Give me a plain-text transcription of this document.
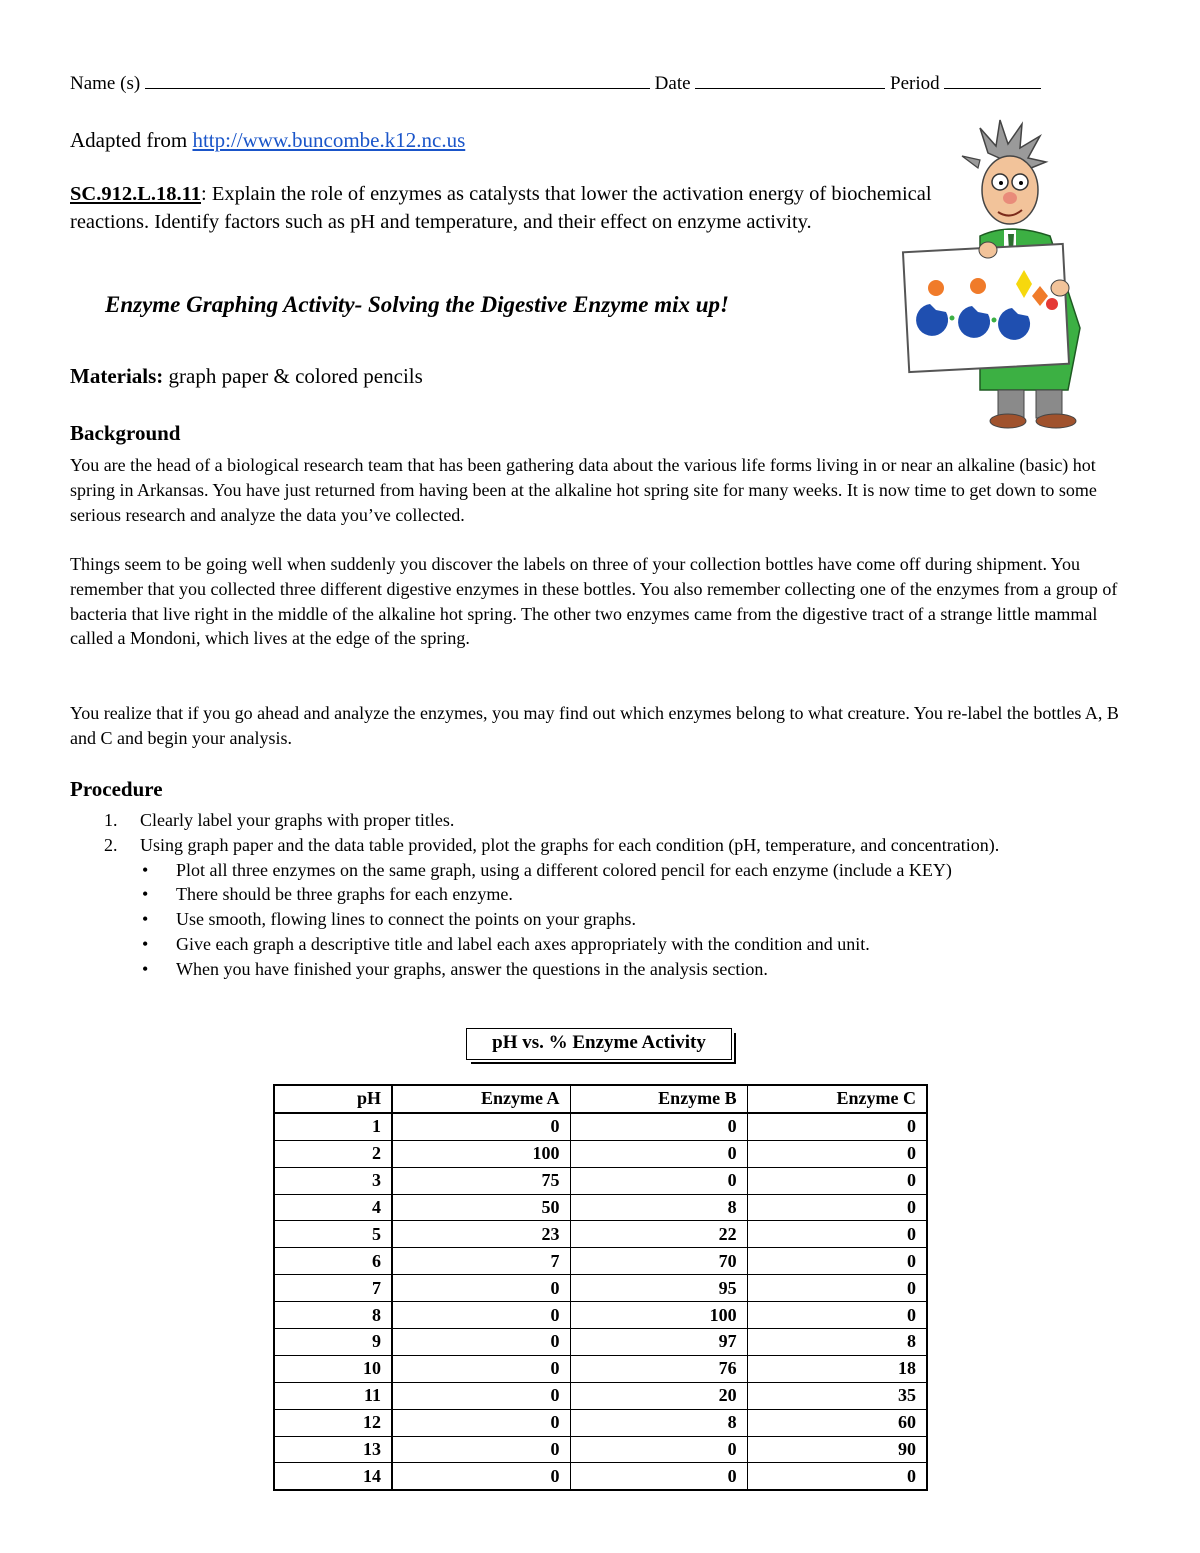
Name (s)	Date	Period
Adapted from http://www.buncombe.k12.nc.us
SC.912.L.18.11: Explain the role of enzymes as catalysts that lower the activation energy of biochemical reactions. Identify factors such as pH and temperature, and their effect on enzyme activity.
Enzyme Graphing Activity- Solving the Digestive Enzyme mix up!
Materials: graph paper & colored pencils
Background
You are the head of a biological research team that has been gathering data about the various life forms living in or near an alkaline (basic) hot spring in Arkansas. You have just returned from having been at the alkaline hot spring site for many weeks. It is now time to get down to some serious research and analyze the data you’ve collected.
Things seem to be going well when suddenly you discover the labels on three of your collection bottles have come off during shipment. You remember that you collected three different digestive enzymes in these bottles. You also remember collecting one of the enzymes from a group of bacteria that live right in the middle of the alkaline hot spring. The other two enzymes came from the digestive tract of a strange little mammal called a Mondoni, which lives at the edge of the spring.
You realize that if you go ahead and analyze the enzymes, you may find out which enzymes belong to what creature. You re-label the bottles A, B and C and begin your analysis.
Procedure
1. Clearly label your graphs with proper titles.
2.	Using graph paper and the data table provided, plot the graphs for each condition (pH, temperature, and concentration).
• Plot all three enzymes on the same graph, using a different colored pencil for each enzyme (include a KEY)
• There should be three graphs for each enzyme.
• Use smooth, flowing lines to connect the points on your graphs.
• Give each graph a descriptive title and label each axes appropriately with the condition and unit.
• When you have finished your graphs, answer the questions in the analysis section.
pH vs. % Enzyme Activity
pH	Enzyme A	Enzyme B	Enzyme C
1	0	0	0
2	100	0	0
3	75	0	0
4	50	8	0
5	23	22	0
6	7	70	0
7	0	95	0
8	0	100	0
9	0	97	8
10	0	76	18
11	0	20	35
12	0	8	60
13	0	0	90
14	0	0	0
